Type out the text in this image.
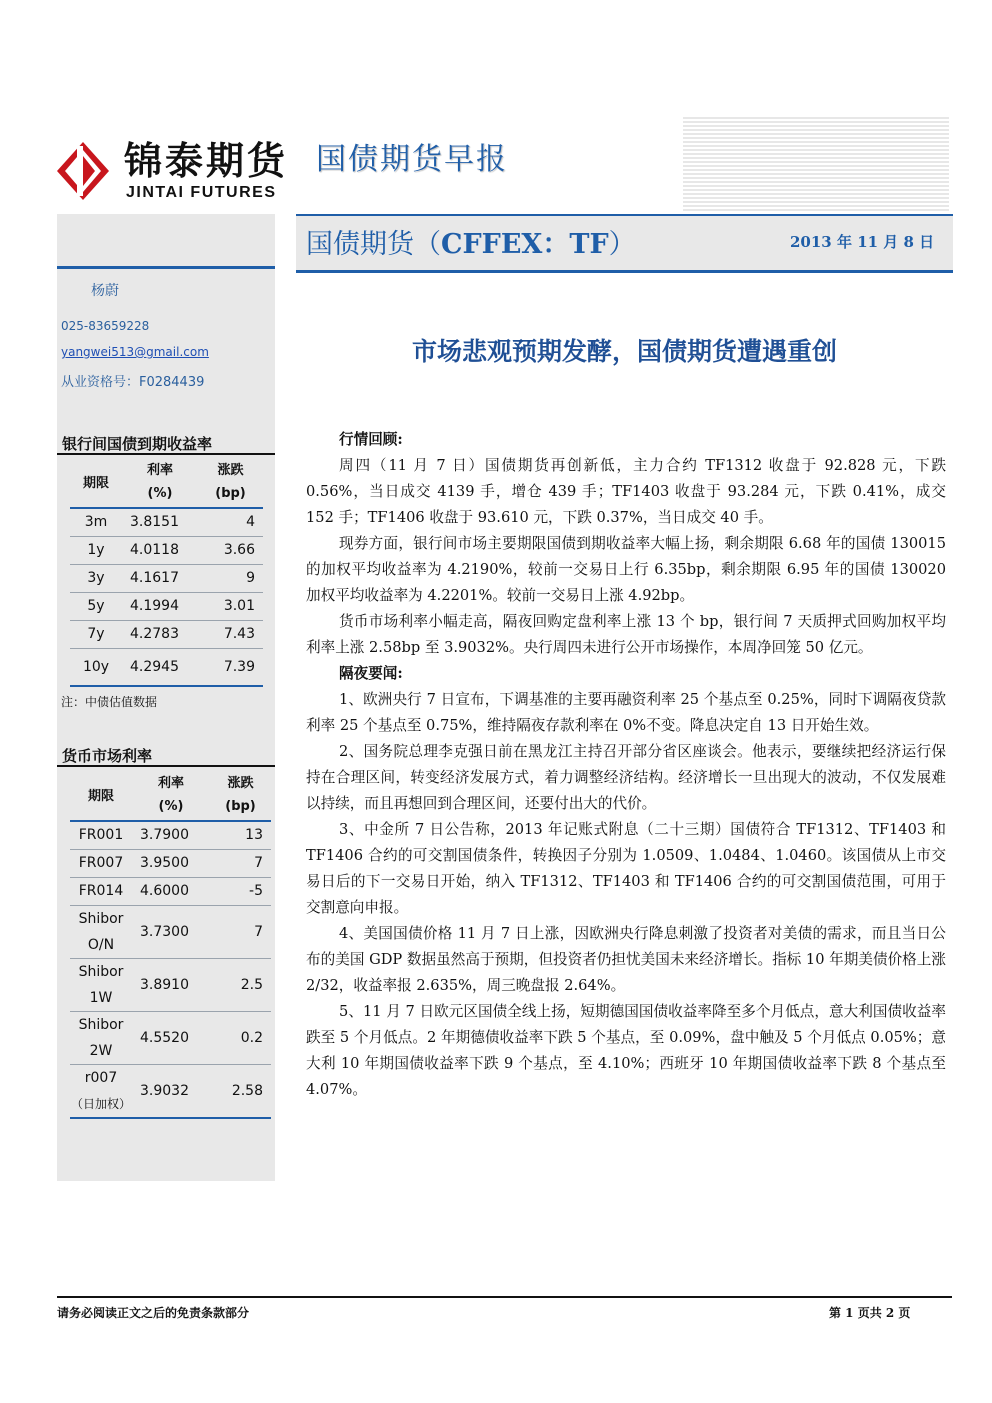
锦泰期货
JINTAI FUTURES
国债期货早报
杨蔚
025-83659228
yangwei513@gmail.com
从业资格号：F0284439
银行间国债到期收益率
期限	利率	涨跌
	(%)	(bp)
3m	3.8151	4
1y	4.0118	3.66
3y	4.1617	9
5y	4.1994	3.01
7y	4.2783	7.43
10y	4.2945	7.39
注：中债估值数据
货币市场利率
期限	利率	涨跌
	(%)	(bp)
FR001	3.7900	13
FR007	3.9500	7
FR014	4.6000	-5
Shibor
O/N	3.7300	7
Shibor
1W	3.8910	2.5
Shibor
2W	4.5520	0.2
r007
（日加权）	3.9032	2.58
国债期货（CFFEX：TF）	2013 年 11 月 8 日
市场悲观预期发酵，国债期货遭遇重创
行情回顾:

周四（11 月 7 日）国债期货再创新低，主力合约 TF1312 收盘于 92.828 元，下跌 0.56%，当日成交 4139 手，增仓 439 手；TF1403 收盘于 93.284 元，下跌 0.41%，成交 152 手；TF1406 收盘于 93.610 元，下跌 0.37%，当日成交 40 手。

现券方面，银行间市场主要期限国债到期收益率大幅上扬，剩余期限 6.68 年的国债 130015 的加权平均收益率为 4.2190%，较前一交易日上行 6.35bp，剩余期限 6.95 年的国债 130020 加权平均收益率为 4.2201%。较前一交易日上涨 4.92bp。

货币市场利率小幅走高，隔夜回购定盘利率上涨 13 个 bp，银行间 7 天质押式回购加权平均利率上涨 2.58bp 至 3.9032%。央行周四未进行公开市场操作，本周净回笼 50 亿元。

隔夜要闻:

1、欧洲央行 7 日宣布，下调基准的主要再融资利率 25 个基点至 0.25%，同时下调隔夜贷款利率 25 个基点至 0.75%，维持隔夜存款利率在 0%不变。降息决定自 13 日开始生效。

2、国务院总理李克强日前在黑龙江主持召开部分省区座谈会。他表示，要继续把经济运行保持在合理区间，转变经济发展方式，着力调整经济结构。经济增长一旦出现大的波动，不仅发展难以持续，而且再想回到合理区间，还要付出大的代价。

3、中金所 7 日公告称，2013 年记账式附息（二十三期）国债符合 TF1312、TF1403 和 TF1406 合约的可交割国债条件，转换因子分别为 1.0509、1.0484、1.0460。该国债从上市交易日后的下一交易日开始，纳入 TF1312、TF1403 和 TF1406 合约的可交割国债范围，可用于交割意向申报。

4、美国国债价格 11 月 7 日上涨，因欧洲央行降息刺激了投资者对美债的需求，而且当日公布的美国 GDP 数据虽然高于预期，但投资者仍担忧美国未来经济增长。指标 10 年期美债价格上涨 2/32，收益率报 2.635%，周三晚盘报 2.64%。

5、11 月 7 日欧元区国债全线上扬，短期德国国债收益率降至多个月低点，意大利国债收益率跌至 5 个月低点。2 年期德债收益率下跌 5 个基点，至 0.09%，盘中触及 5 个月低点 0.05%；意大利 10 年期国债收益率下跌 9 个基点，至 4.10%；西班牙 10 年期国债收益率下跌 8 个基点至 4.07%。

请务必阅读正文之后的免责条款部分	第 1 页共 2 页
